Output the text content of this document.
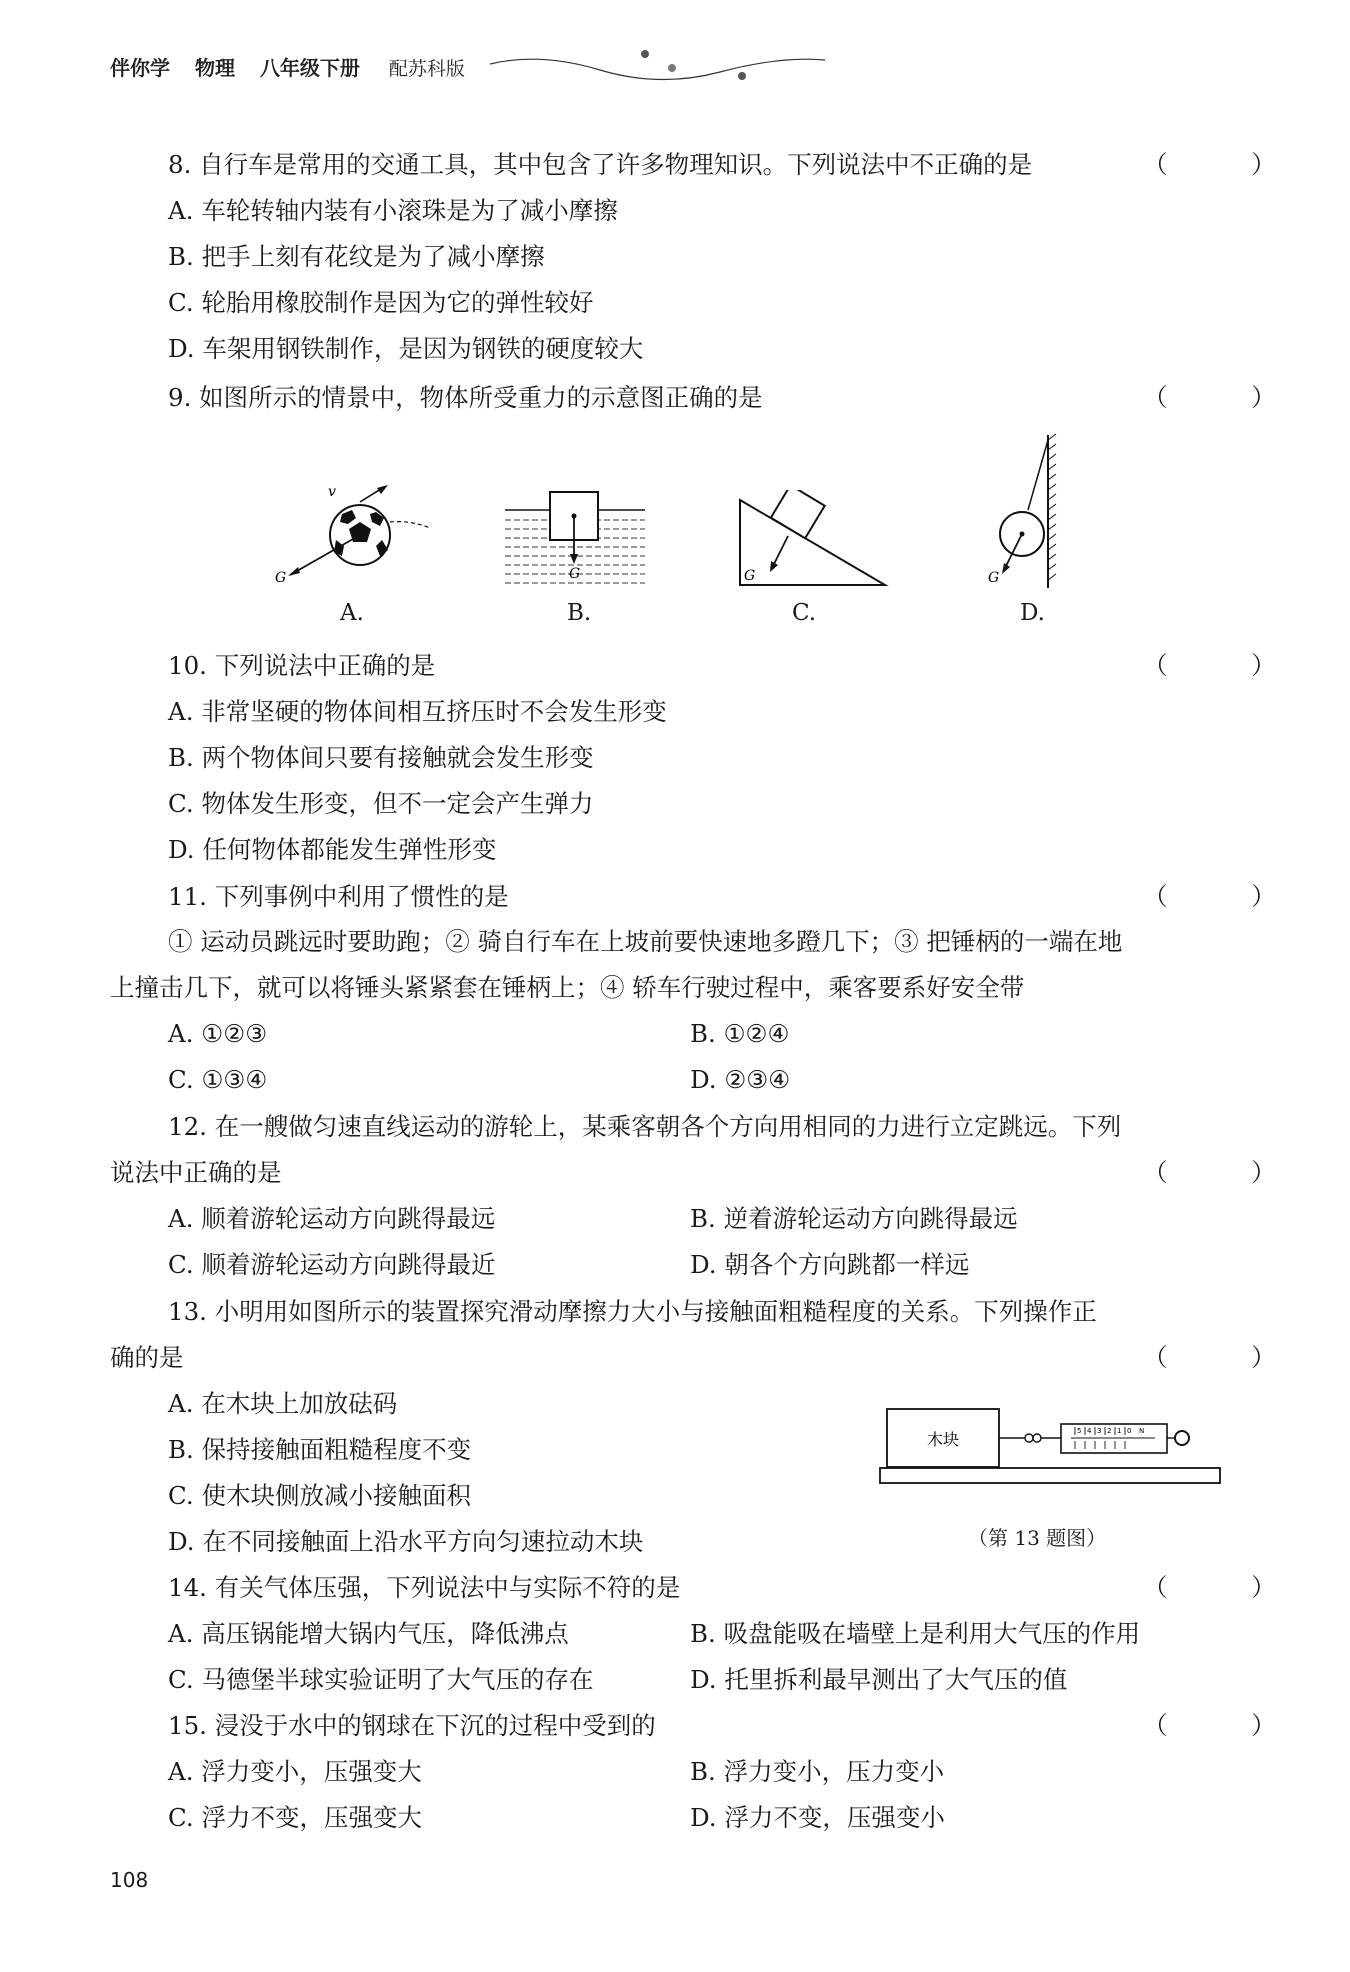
伴你学 物理 八年级下册 配苏科版
8. 自行车是常用的交通工具，其中包含了许多物理知识。下列说法中不正确的是	（ ）
A. 车轮转轴内装有小滚珠是为了减小摩擦
B. 把手上刻有花纹是为了减小摩擦
C. 轮胎用橡胶制作是因为它的弹性较好
D. 车架用钢铁制作，是因为钢铁的硬度较大
9. 如图所示的情景中，物体所受重力的示意图正确的是	（ ）
G
v
A.
G
B.
G
C.
G
D.
10. 下列说法中正确的是	（ ）
A. 非常坚硬的物体间相互挤压时不会发生形变
B. 两个物体间只要有接触就会发生形变
C. 物体发生形变，但不一定会产生弹力
D. 任何物体都能发生弹性形变
11. 下列事例中利用了惯性的是	（ ）
① 运动员跳远时要助跑；② 骑自行车在上坡前要快速地多蹬几下；③ 把锤柄的一端在地
上撞击几下，就可以将锤头紧紧套在锤柄上；④ 轿车行驶过程中，乘客要系好安全带
A. ①②③	B. ①②④
C. ①③④	D. ②③④
12. 在一艘做匀速直线运动的游轮上，某乘客朝各个方向用相同的力进行立定跳远。下列
说法中正确的是	（ ）
A. 顺着游轮运动方向跳得最远	B. 逆着游轮运动方向跳得最远
C. 顺着游轮运动方向跳得最近	D. 朝各个方向跳都一样远
13. 小明用如图所示的装置探究滑动摩擦力大小与接触面粗糙程度的关系。下列操作正
确的是	（ ）
A. 在木块上加放砝码
B. 保持接触面粗糙程度不变
C. 使木块侧放减小接触面积
D. 在不同接触面上沿水平方向匀速拉动木块
木块	5 4 3 2 1 0 N
（第 13 题图）
14. 有关气体压强，下列说法中与实际不符的是	（ ）
A. 高压锅能增大锅内气压，降低沸点	B. 吸盘能吸在墙壁上是利用大气压的作用
C. 马德堡半球实验证明了大气压的存在	D. 托里拆利最早测出了大气压的值
15. 浸没于水中的钢球在下沉的过程中受到的	（ ）
A. 浮力变小，压强变大	B. 浮力变小，压力变小
C. 浮力不变，压强变大	D. 浮力不变，压强变小
108
